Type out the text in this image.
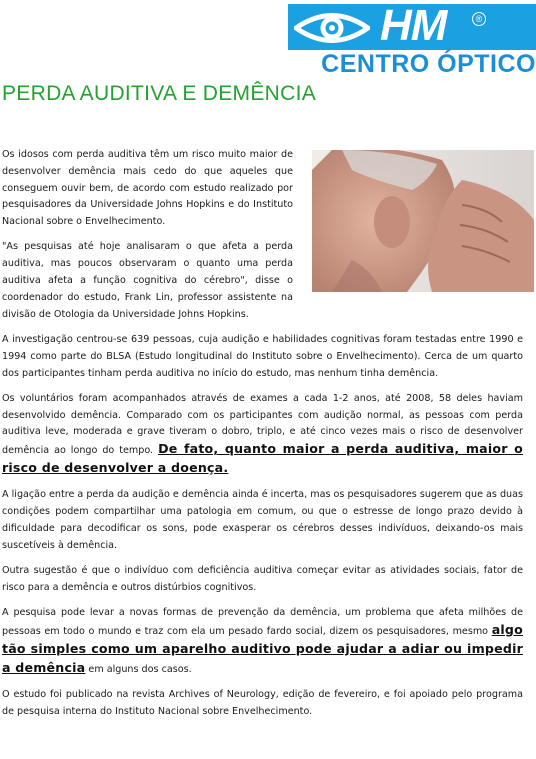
HM	®
CENTRO ÓPTICO
PERDA AUDITIVA E DEMÊNCIA

Os idosos com perda auditiva têm um risco muito maior de desenvolver demência mais cedo do que aqueles que conseguem ouvir bem, de acordo com estudo realizado por pesquisadores da Universidade Johns Hopkins e do Instituto Nacional sobre o Envelhecimento.

"As pesquisas até hoje analisaram o que afeta a perda auditiva, mas poucos observaram o quanto uma perda auditiva afeta a função cognitiva do cérebro", disse o coordenador do estudo, Frank Lin, professor assistente na divisão de Otologia da Universidade Johns Hopkins.

A investigação centrou-se 639 pessoas, cuja audição e habilidades cognitivas foram testadas entre 1990 e 1994 como parte do BLSA (Estudo longitudinal do Instituto sobre o Envelhecimento). Cerca de um quarto dos participantes tinham perda auditiva no início do estudo, mas nenhum tinha demência.

Os voluntários foram acompanhados através de exames a cada 1-2 anos, até 2008, 58 deles haviam desenvolvido demência. Comparado com os participantes com audição normal, as pessoas com perda auditiva leve, moderada e grave tiveram o dobro, triplo, e até cinco vezes mais o risco de desenvolver demência ao longo do tempo. De fato, quanto maior a perda auditiva, maior o risco de desenvolver a doença.

A ligação entre a perda da audição e demência ainda é incerta, mas os pesquisadores sugerem que as duas condições podem compartilhar uma patologia em comum, ou que o estresse de longo prazo devido à dificuldade para decodificar os sons, pode exasperar os cérebros desses indivíduos, deixando-os mais suscetíveis à demência.

Outra sugestão é que o indivíduo com deficiência auditiva começar evitar as atividades sociais, fator de risco para a demência e outros distúrbios cognitivos.

A pesquisa pode levar a novas formas de prevenção da demência, um problema que afeta milhões de pessoas em todo o mundo e traz com ela um pesado fardo social, dizem os pesquisadores, mesmo algo tão simples como um aparelho auditivo pode ajudar a adiar ou impedir a demência em alguns dos casos.

O estudo foi publicado na revista Archives of Neurology, edição de fevereiro, e foi apoiado pelo programa de pesquisa interna do Instituto Nacional sobre Envelhecimento.
